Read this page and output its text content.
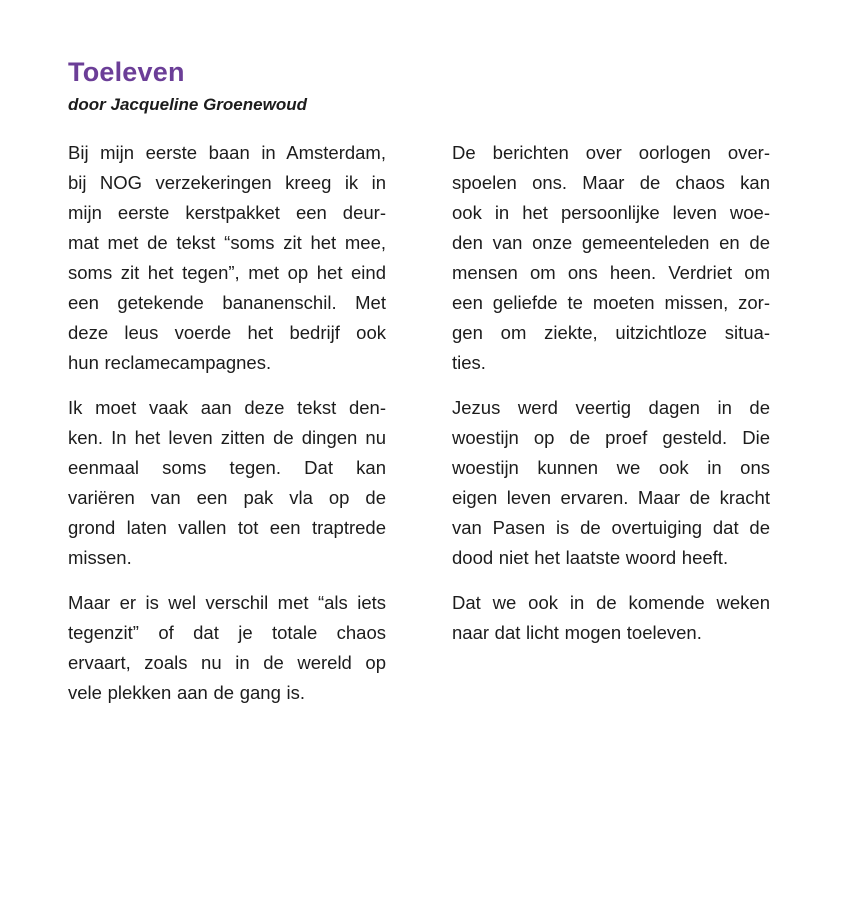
Toeleven

door Jacqueline Groenewoud

Bij mijn eerste baan in Amsterdam,
bij NOG verzekeringen kreeg ik in
mijn eerste kerstpakket een deur-
mat met de tekst “soms zit het mee,
soms zit het tegen”, met op het eind
een getekende bananenschil. Met
deze leus voerde het bedrijf ook
hun reclamecampagnes.
Ik moet vaak aan deze tekst den-
ken. In het leven zitten de dingen nu
eenmaal soms tegen. Dat kan
variëren van een pak vla op de
grond laten vallen tot een traptrede
missen.
Maar er is wel verschil met “als iets
tegenzit” of dat je totale chaos
ervaart, zoals nu in de wereld op
vele plekken aan de gang is.
De berichten over oorlogen over-
spoelen ons. Maar de chaos kan
ook in het persoonlijke leven woe-
den van onze gemeenteleden en de
mensen om ons heen. Verdriet om
een geliefde te moeten missen, zor-
gen om ziekte, uitzichtloze situa-
ties.
Jezus werd veertig dagen in de
woestijn op de proef gesteld. Die
woestijn kunnen we ook in ons
eigen leven ervaren. Maar de kracht
van Pasen is de overtuiging dat de
dood niet het laatste woord heeft.
Dat we ook in de komende weken
naar dat licht mogen toeleven.
